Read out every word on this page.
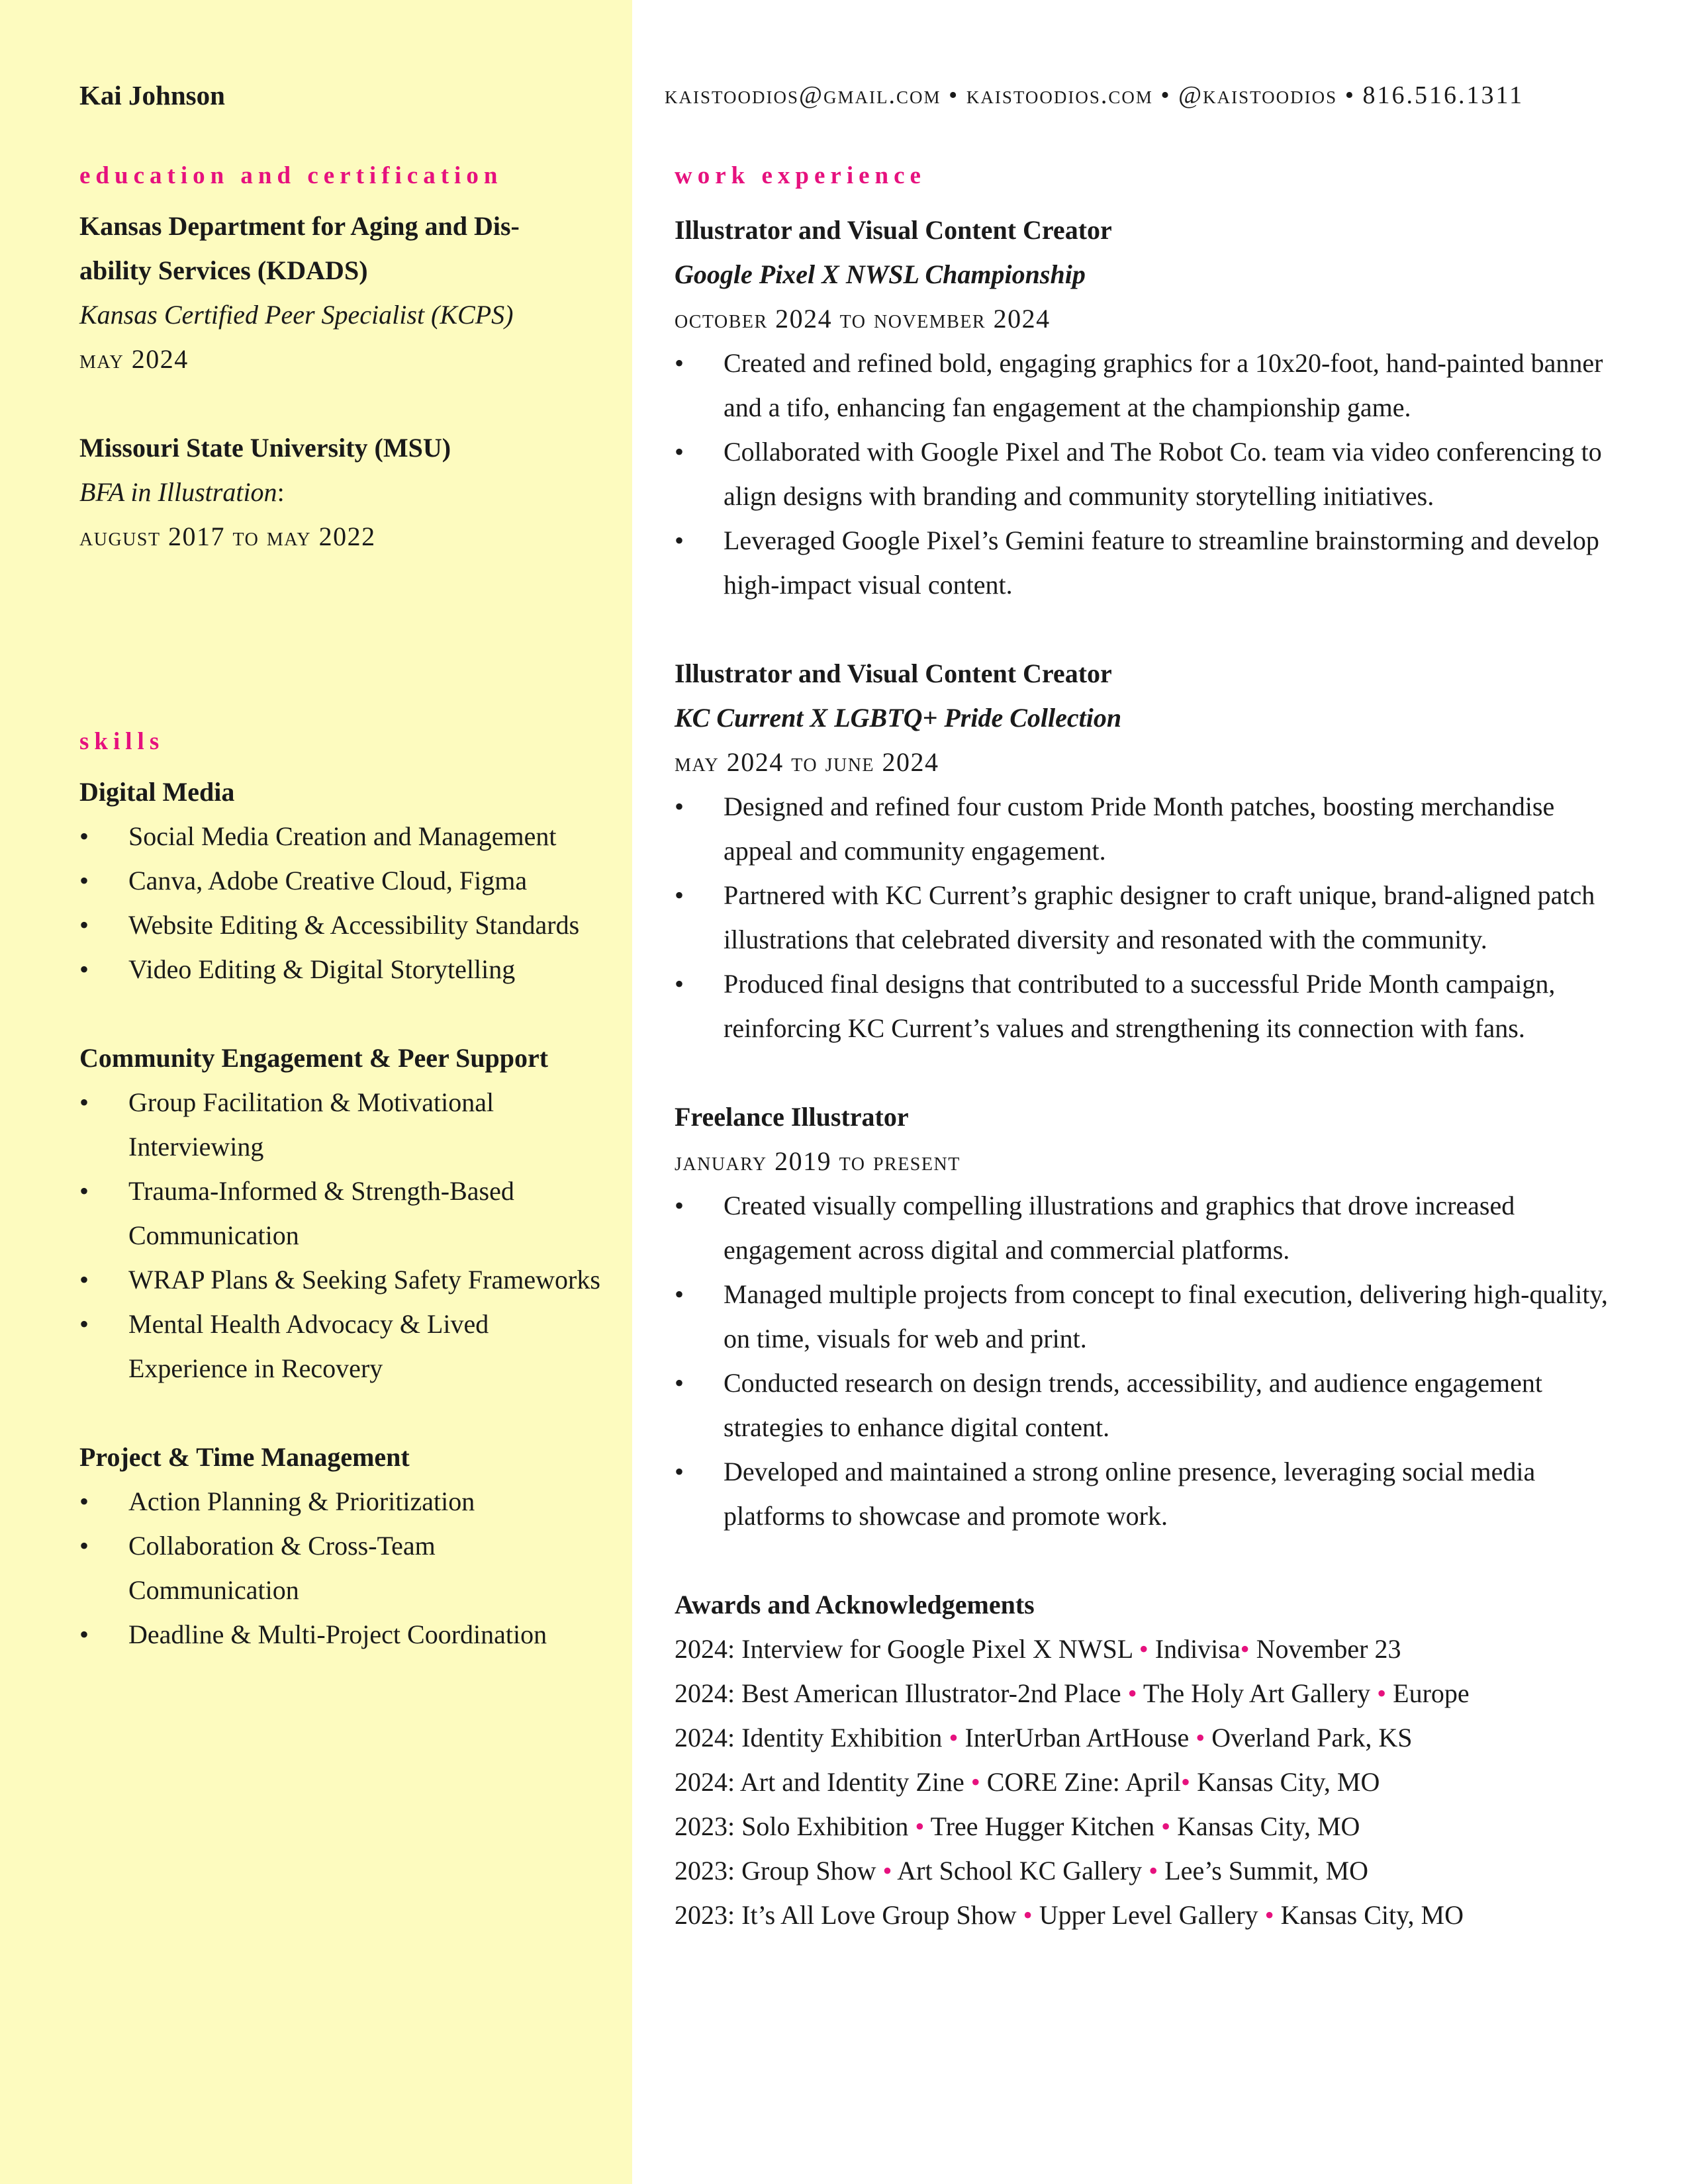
Kai Johnson	kaistoodios@gmail.com • kaistoodios.com • @kaistoodios • 816.516.1311
education and certification
Kansas Department for Aging and Dis-
ability Services (KDADS)
Kansas Certified Peer Specialist (KCPS)
may 2024
Missouri State University (MSU)
BFA in Illustration:
august 2017 to may 2022
skills
Digital Media
• Social Media Creation and Management
• Canva, Adobe Creative Cloud, Figma
• Website Editing & Accessibility Standards
• Video Editing & Digital Storytelling
Community Engagement & Peer Support
• Group Facilitation & Motivational Interviewing
• Trauma-Informed & Strength-Based Communication
• WRAP Plans & Seeking Safety Frameworks
• Mental Health Advocacy & Lived Experience in Recovery
Project & Time Management
• Action Planning & Prioritization
• Collaboration & Cross-Team Communication
• Deadline & Multi-Project Coordination
work experience
Illustrator and Visual Content Creator
Google Pixel X NWSL Championship
october 2024 to november 2024
• Created and refined bold, engaging graphics for a 10x20-foot, hand-painted banner and a tifo, enhancing fan engagement at the championship game.
• Collaborated with Google Pixel and The Robot Co. team via video conferencing to align designs with branding and community storytelling initiatives.
• Leveraged Google Pixel’s Gemini feature to streamline brainstorming and develop high-impact visual content.
Illustrator and Visual Content Creator
KC Current X LGBTQ+ Pride Collection
may 2024 to june 2024
• Designed and refined four custom Pride Month patches, boosting merchandise appeal and community engagement.
• Partnered with KC Current’s graphic designer to craft unique, brand-aligned patch illustrations that celebrated diversity and resonated with the community.
• Produced final designs that contributed to a successful Pride Month campaign, reinforcing KC Current’s values and strengthening its connection with fans.
Freelance Illustrator
january 2019 to present
• Created visually compelling illustrations and graphics that drove increased engagement across digital and commercial platforms.
• Managed multiple projects from concept to final execution, delivering high-quality, on time, visuals for web and print.
• Conducted research on design trends, accessibility, and audience engagement strategies to enhance digital content.
• Developed and maintained a strong online presence, leveraging social media platforms to showcase and promote work.
Awards and Acknowledgements
2024: Interview for Google Pixel X NWSL • Indivisa• November 23
2024: Best American Illustrator-2nd Place • The Holy Art Gallery • Europe
2024: Identity Exhibition • InterUrban ArtHouse • Overland Park, KS
2024: Art and Identity Zine • CORE Zine: April• Kansas City, MO
2023: Solo Exhibition • Tree Hugger Kitchen • Kansas City, MO
2023: Group Show • Art School KC Gallery • Lee’s Summit, MO
2023: It’s All Love Group Show • Upper Level Gallery • Kansas City, MO
